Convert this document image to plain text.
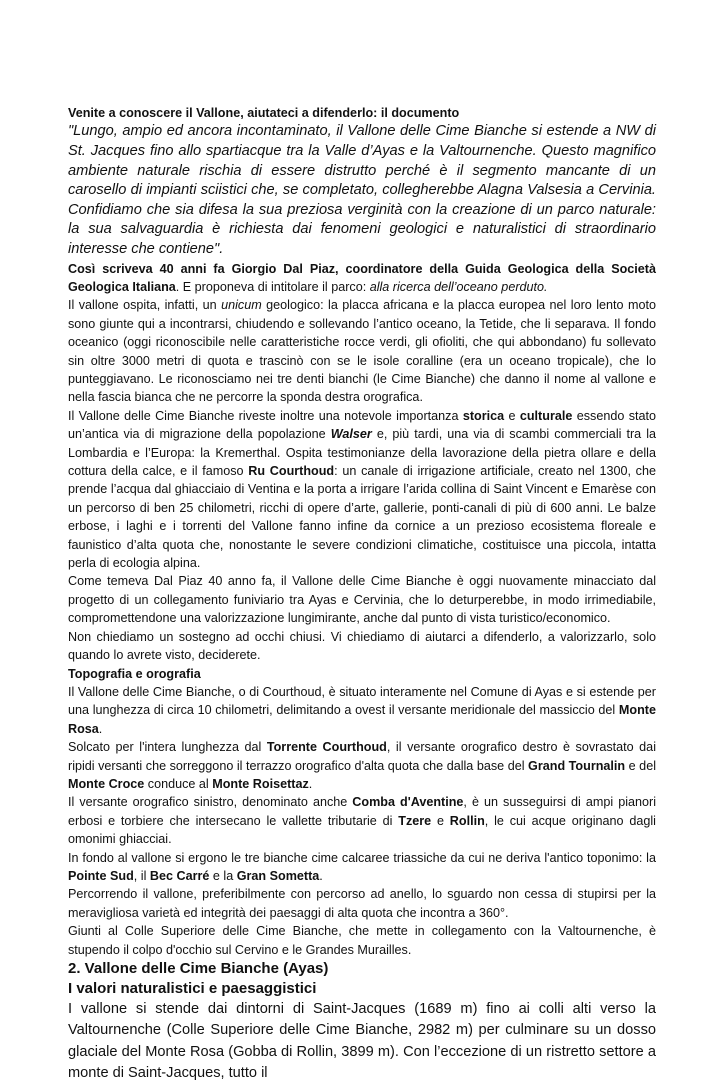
Venite a conoscere il Vallone, aiutateci a difenderlo: il documento

"Lungo, ampio ed ancora incontaminato, il Vallone delle Cime Bianche si estende a NW di St. Jacques fino allo spartiacque tra la Valle d’Ayas e la Valtournenche. Questo magnifico ambiente naturale rischia di essere distrutto perché è il segmento mancante di un carosello di impianti sciistici che, se completato, collegherebbe Alagna Valsesia a Cervinia. Confidiamo che sia difesa la sua preziosa verginità con la creazione di un parco naturale: la sua salvaguardia è richiesta dai fenomeni geologici e naturalistici di straordinario interesse che contiene".

Così scriveva 40 anni fa Giorgio Dal Piaz, coordinatore della Guida Geologica della Società Geologica Italiana. E proponeva di intitolare il parco: alla ricerca dell’oceano perduto.

Il vallone ospita, infatti, un unicum geologico: la placca africana e la placca europea nel loro lento moto sono giunte qui a incontrarsi, chiudendo e sollevando l’antico oceano, la Tetide, che li separava. Il fondo oceanico (oggi riconoscibile nelle caratteristiche rocce verdi, gli ofioliti, che qui abbondano) fu sollevato sin oltre 3000 metri di quota e trascinò con se le isole coralline (era un oceano tropicale), che lo punteggiavano. Le riconosciamo nei tre denti bianchi (le Cime Bianche) che danno il nome al vallone e nella fascia bianca che ne percorre la sponda destra orografica.

Il Vallone delle Cime Bianche riveste inoltre una notevole importanza storica e culturale essendo stato un’antica via di migrazione della popolazione Walser e, più tardi, una via di scambi commerciali tra la Lombardia e l’Europa: la Kremerthal. Ospita testimonianze della lavorazione della pietra ollare e della cottura della calce, e il famoso Ru Courthoud: un canale di irrigazione artificiale, creato nel 1300, che prende l’acqua dal ghiacciaio di Ventina e la porta a irrigare l’arida collina di Saint Vincent e Emarèse con un percorso di ben 25 chilometri, ricchi di opere d’arte, gallerie, ponti-canali di più di 600 anni. Le balze erbose, i laghi e i torrenti del Vallone fanno infine da cornice a un prezioso ecosistema floreale e faunistico d’alta quota che, nonostante le severe condizioni climatiche, costituisce una piccola, intatta perla di ecologia alpina.

Come temeva Dal Piaz 40 anno fa, il Vallone delle Cime Bianche è oggi nuovamente minacciato dal progetto di un collegamento funiviario tra Ayas e Cervinia, che lo deturperebbe, in modo irrimediabile, compromettendone una valorizzazione lungimirante, anche dal punto di vista turistico/economico.

Non chiediamo un sostegno ad occhi chiusi. Vi chiediamo di aiutarci a difenderlo, a valorizzarlo, solo quando lo avrete visto, deciderete.

Topografia e orografia

Il Vallone delle Cime Bianche, o di Courthoud, è situato interamente nel Comune di Ayas e si estende per una lunghezza di circa 10 chilometri, delimitando a ovest il versante meridionale del massiccio del Monte Rosa.

Solcato per l'intera lunghezza dal Torrente Courthoud, il versante orografico destro è sovrastato dai ripidi versanti che sorreggono il terrazzo orografico d'alta quota che dalla base del Grand Tournalin e del Monte Croce conduce al Monte Roisettaz.

Il versante orografico sinistro, denominato anche Comba d'Aventine, è un susseguirsi di ampi pianori erbosi e torbiere che intersecano le vallette tributarie di Tzere e Rollin, le cui acque originano dagli omonimi ghiacciai.

In fondo al vallone si ergono le tre bianche cime calcaree triassiche da cui ne deriva l'antico toponimo: la Pointe Sud, il Bec Carré e la Gran Sometta.

Percorrendo il vallone, preferibilmente con percorso ad anello, lo sguardo non cessa di stupirsi per la meravigliosa varietà ed integrità dei paesaggi di alta quota che incontra a 360°.

Giunti al Colle Superiore delle Cime Bianche, che mette in collegamento con la Valtournenche, è stupendo il colpo d'occhio sul Cervino e le Grandes Murailles.

2. Vallone delle Cime Bianche (Ayas)

I valori naturalistici e paesaggistici

I vallone si stende dai dintorni di Saint-Jacques (1689 m) fino ai colli alti verso la Valtournenche (Colle Superiore delle Cime Bianche, 2982 m) per culminare su un dosso glaciale del Monte Rosa (Gobba di Rollin, 3899 m). Con l’eccezione di un ristretto settore a monte di Saint-Jacques, tutto il
